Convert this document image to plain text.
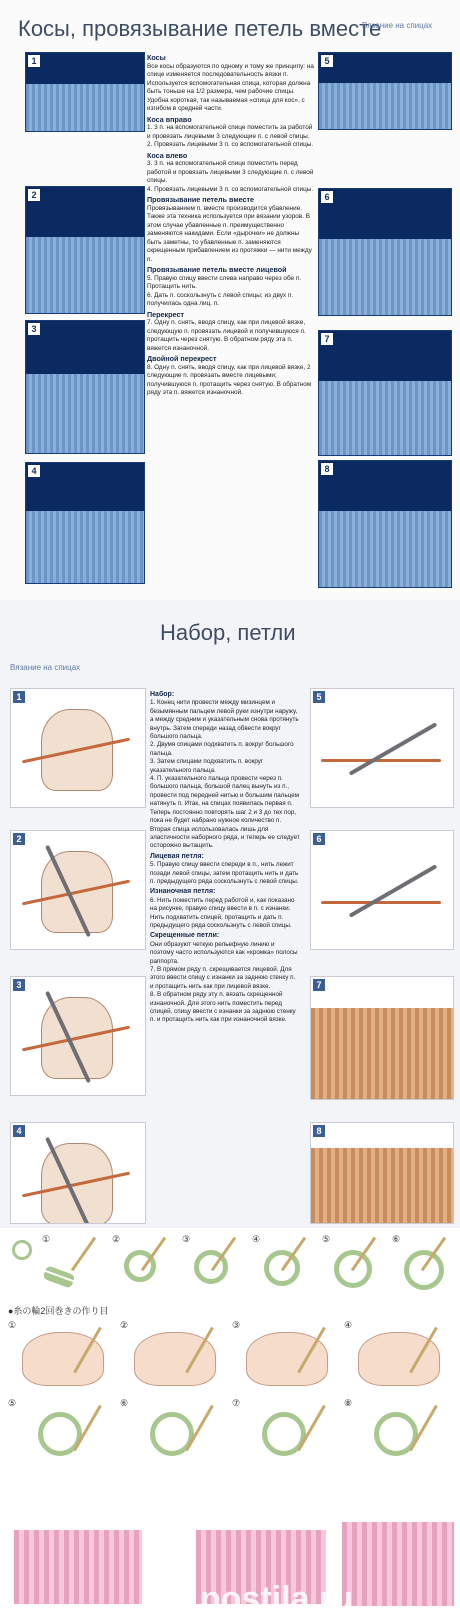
Косы, провязывание петель вместе
Вязание на спицах

Косы

Все косы образуются по одному и тому же принципу: на спице изменяется последовательность вязки п. Используется вспомогательная спица, которая должна быть тоньше на 1/2 размера, чем рабочие спицы. Удобна короткая, так называемая «спица для кос», с изгибом в средней части.

Коса вправо

1. 3 п. на вспомогательной спице поместить за работой и провязать лицевыми 3 следующие п. с левой спицы.

2. Провязать лицевыми 3 п. со вспомогательной спицы.

Коса влево

3. 3 п. на вспомогательной спице поместить перед работой и провязать лицевыми 3 следующие п. с левой спицы.

4. Провязать лицевыми 3 п. со вспомогательной спицы.

Провязывание петель вместе

Провязыванием п. вместе производится убавление. Также эта техника используется при вязании узоров. В этом случае убавленные п. преимущественно заменяются накидами. Если «дырочки» не должны быть заметны, то убавленные п. заменяются скрещенным прибавлением из протяжки — нити между п.

Провязывание петель вместе лицевой

5. Правую спицу ввести слева направо через обе п. Протащить нить.

6. Дать п. соскользнуть с левой спицы; из двух п. получилась одна лиц. п.

Перекрест

7. Одну п. снять, вводя спицу, как при лицевой вязке, следующую п. провязать лицевой и получившуюся п. протащить через снятую. В обратном ряду эта п. вяжется изнаночной.

Двойной перекрест

8. Одну п. снять, вводя спицу, как при лицевой вязке, 2 следующие п. провязать вместе лицевыми; получившуюся п. протащить через снятую. В обратном ряду эта п. вяжется изнаночной.

Набор, петли
Вязание на спицах

Набор:

1. Конец нити провести между мизинцем и безымянным пальцем левой руки изнутри наружу, а между средним и указательным снова протянуть внутрь. Затем спереди назад обвести вокруг большого пальца.

2. Двумя спицами подхватить п. вокруг большого пальца.

3. Затем спицами подхватить п. вокруг указательного пальца.

4. П. указательного пальца провести через п. большого пальца, большой палец вынуть из п., провести под передней нитью и большим пальцем натянуть п. Итак, на спицах появилась первая п. Теперь постоянно повторять шаг 2 и 3 до тех пор, пока не будет набрано нужное количество п. Вторая спица использовалась лишь для эластичности наборного ряда, и теперь ее следует осторожно вытащить.

Лицевая петля:

5. Правую спицу ввести спереди в п., нить лежит позади левой спицы, затем протащить нить и дать п. предыдущего ряда соскользнуть с левой спицы.

Изнаночная петля:

6. Нить поместить перед работой и, как показано на рисунке, правую спицу ввести в п. с изнанки. Нить подхватить спицей, протащить и дать п. предыдущего ряда соскользнуть с левой спицы.

Скрещенные петли:

Они образуют четкую рельефную линию и поэтому часто используются как «кромка» полосы раппорта.

7. В прямом ряду п. скрещивается лицевой. Для этого ввести спицу с изнанки за заднюю стенку п. и протащить нить как при лицевой вязке.

8. В обратном ряду эту п. вязать скрещенной изнаночной. Для этого нить поместить перед спицей, спицу ввести с изнанки за заднюю стенку п. и протащить нить как при изнаночной вязке.

●糸の輪2回巻きの作り目
postila.ru
1
2
3
4
5
6
7
8
1
2
3
4
5
6
7
8
①	②	③	④	⑤	⑥
①	②	③	④
⑤	⑥	⑦	⑧
